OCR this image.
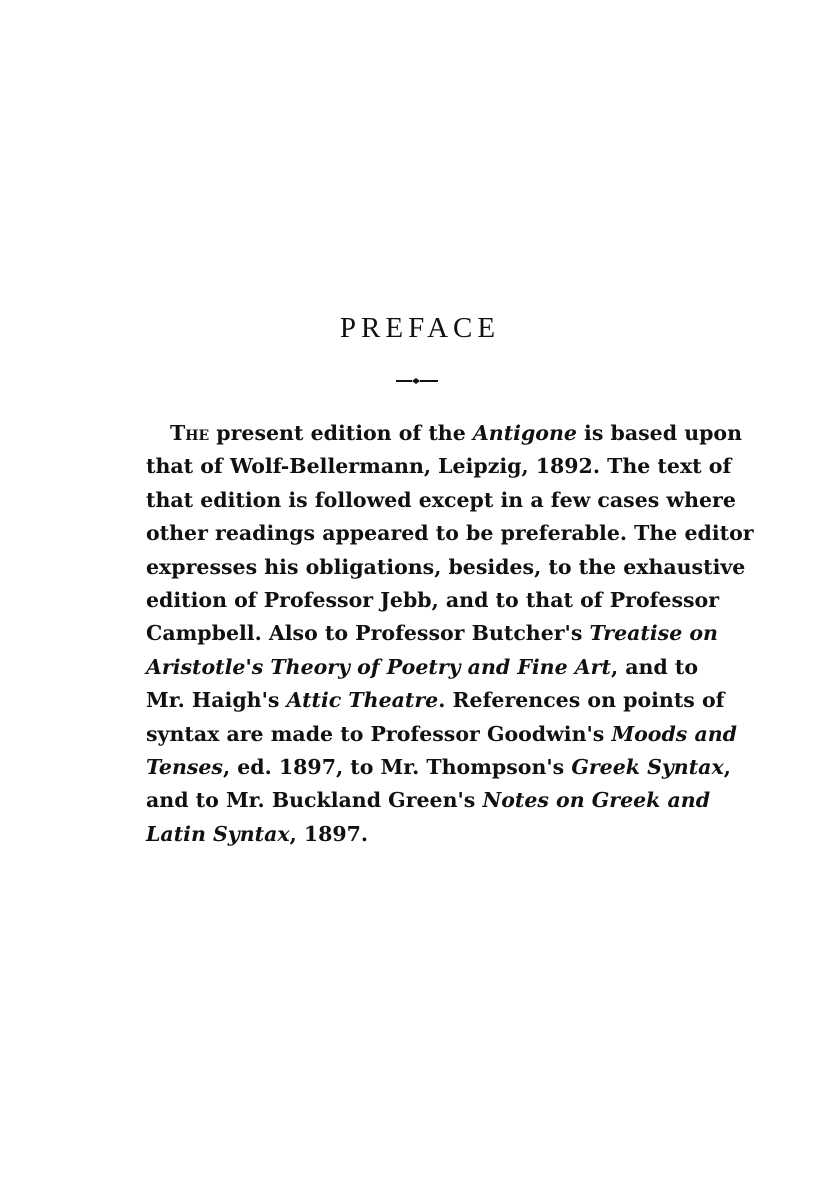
PREFACE

The present edition of the Antigone is based upon
that of Wolf-Bellermann, Leipzig, 1892. The text of
that edition is followed except in a few cases where
other readings appeared to be preferable. The editor
expresses his obligations, besides, to the exhaustive
edition of Professor Jebb, and to that of Professor
Campbell. Also to Professor Butcher's Treatise on
Aristotle's Theory of Poetry and Fine Art, and to
Mr. Haigh's Attic Theatre. References on points of
syntax are made to Professor Goodwin's Moods and
Tenses, ed. 1897, to Mr. Thompson's Greek Syntax,
and to Mr. Buckland Green's Notes on Greek and
Latin Syntax, 1897.
